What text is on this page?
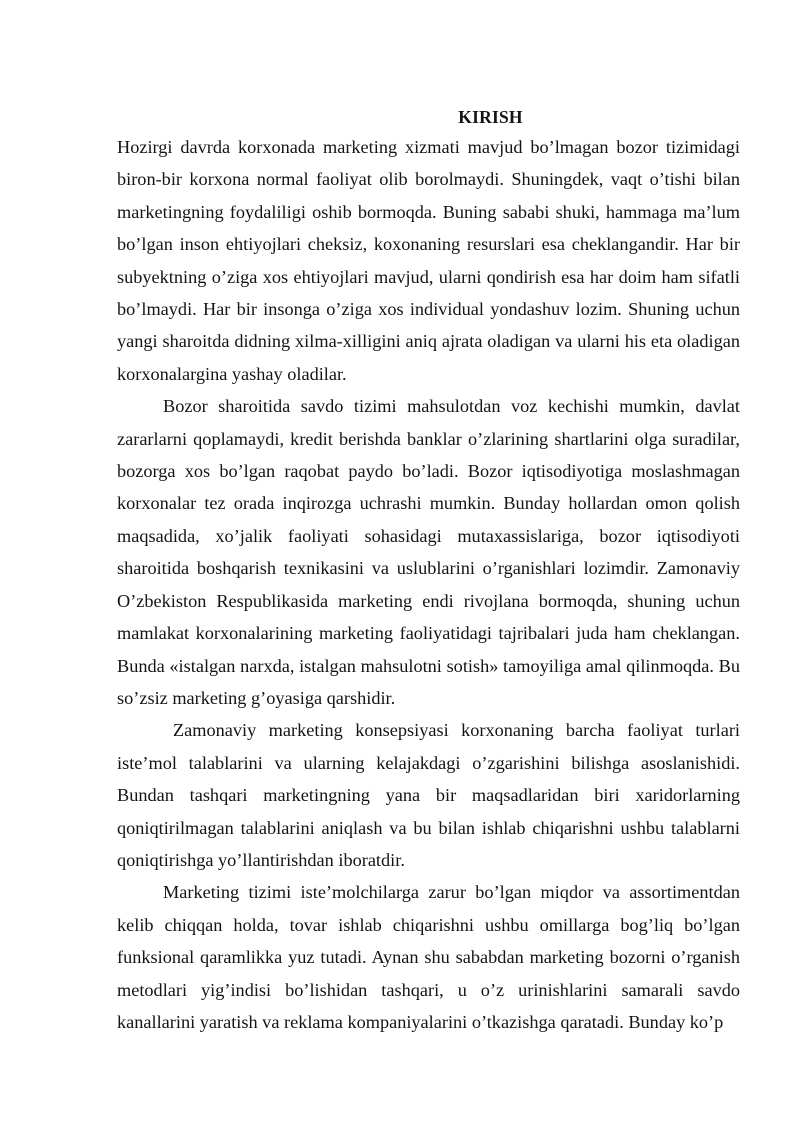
KIRISH

Hozirgi davrda korxonada marketing xizmati mavjud bo’lmagan bozor tizimidagi biron-bir korxona normal faoliyat olib borolmaydi. Shuningdek, vaqt o’tishi bilan marketingning foydaliligi oshib bormoqda. Buning sababi shuki, hammaga ma’lum bo’lgan inson ehtiyojlari cheksiz, koxonaning resurslari esa cheklangandir. Har bir subyektning o’ziga xos ehtiyojlari mavjud, ularni qondirish esa har doim ham sifatli bo’lmaydi. Har bir insonga o’ziga xos individual yondashuv lozim. Shuning uchun yangi sharoitda didning xilma-xilligini aniq ajrata oladigan va ularni his eta oladigan korxonalargina yashay oladilar.

Bozor sharoitida savdo tizimi mahsulotdan voz kechishi mumkin, davlat zararlarni qoplamaydi, kredit berishda banklar o’zlarining shartlarini olga suradilar, bozorga xos bo’lgan raqobat paydo bo’ladi. Bozor iqtisodiyotiga moslashmagan korxonalar tez orada inqirozga uchrashi mumkin. Bunday hollardan omon qolish maqsadida, xo’jalik faoliyati sohasidagi mutaxassislariga, bozor iqtisodiyoti sharoitida boshqarish texnikasini va uslublarini o’rganishlari lozimdir. Zamonaviy O’zbekiston Respublikasida marketing endi rivojlana bormoqda, shuning uchun mamlakat korxonalarining marketing faoliyatidagi tajribalari juda ham cheklangan. Bunda «istalgan narxda, istalgan mahsulotni sotish» tamoyiliga amal qilinmoqda. Bu so’zsiz marketing g’oyasiga qarshidir.

Zamonaviy marketing konsepsiyasi korxonaning barcha faoliyat turlari iste’mol talablarini va ularning kelajakdagi o’zgarishini bilishga asoslanishidi. Bundan tashqari marketingning yana bir maqsadlaridan biri xaridorlarning qoniqtirilmagan talablarini aniqlash va bu bilan ishlab chiqarishni ushbu talablarni qoniqtirishga yo’llantirishdan iboratdir.

Marketing tizimi iste’molchilarga zarur bo’lgan miqdor va assortimentdan kelib chiqqan holda, tovar ishlab chiqarishni ushbu omillarga bog’liq bo’lgan funksional qaramlikka yuz tutadi. Aynan shu sababdan marketing bozorni o’rganish metodlari yig’indisi bo’lishidan tashqari, u o’z urinishlarini samarali savdo kanallarini yaratish va reklama kompaniyalarini o’tkazishga qaratadi. Bunday ko’p
